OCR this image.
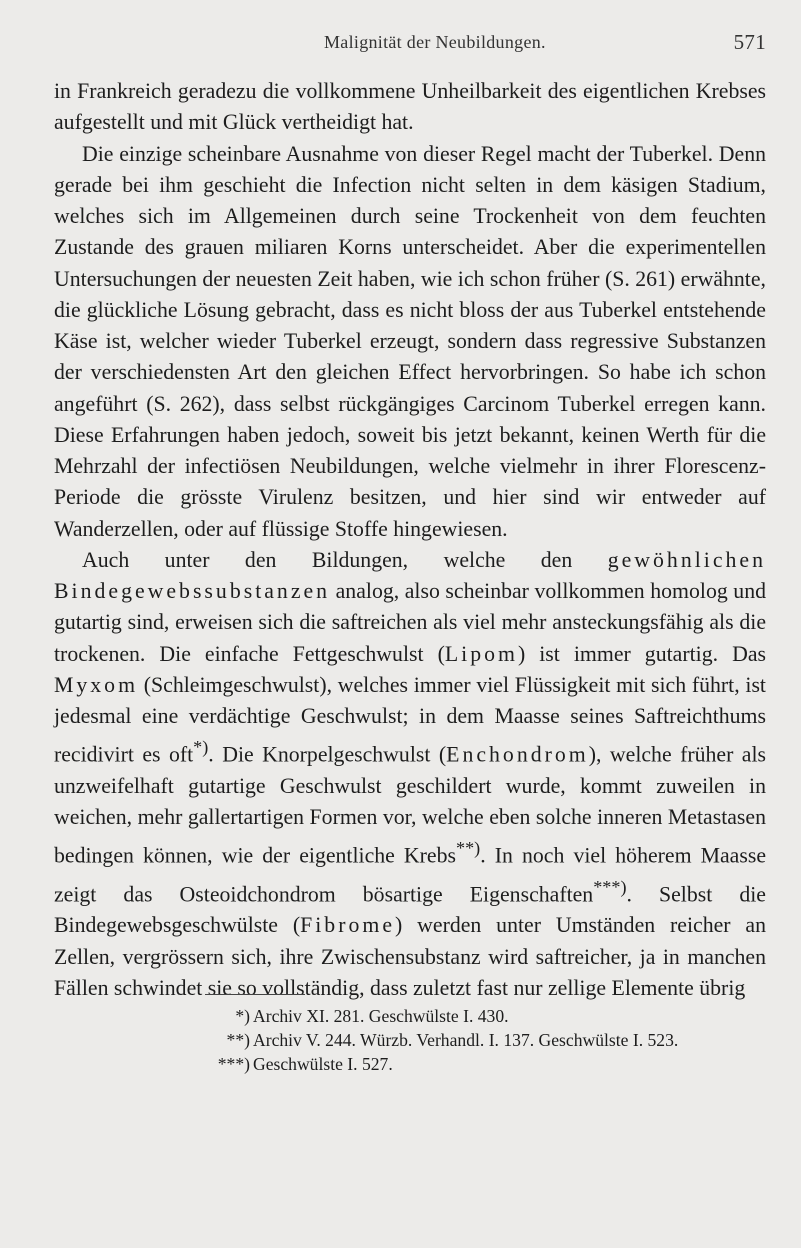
Malignität der Neubildungen.	571

in Frankreich geradezu die vollkommene Unheilbarkeit des eigentlichen Krebses aufgestellt und mit Glück vertheidigt hat.

Die einzige scheinbare Ausnahme von dieser Regel macht der Tuberkel. Denn gerade bei ihm geschieht die Infection nicht selten in dem käsigen Stadium, welches sich im Allgemeinen durch seine Trockenheit von dem feuchten Zustande des grauen miliaren Korns unterscheidet. Aber die experimentellen Untersuchungen der neuesten Zeit haben, wie ich schon früher (S. 261) erwähnte, die glückliche Lösung gebracht, dass es nicht bloss der aus Tuberkel entstehende Käse ist, welcher wieder Tuberkel erzeugt, sondern dass regressive Substanzen der verschiedensten Art den gleichen Effect hervorbringen. So habe ich schon angeführt (S. 262), dass selbst rückgängiges Carcinom Tuberkel erregen kann. Diese Erfahrungen haben jedoch, soweit bis jetzt bekannt, keinen Werth für die Mehrzahl der infectiösen Neubildungen, welche vielmehr in ihrer Florescenz-Periode die grösste Virulenz besitzen, und hier sind wir entweder auf Wanderzellen, oder auf flüssige Stoffe hingewiesen.

Auch unter den Bildungen, welche den gewöhnlichen Bindegewebssubstanzen analog, also scheinbar vollkommen homolog und gutartig sind, erweisen sich die saftreichen als viel mehr ansteckungsfähig als die trockenen. Die einfache Fettgeschwulst (Lipom) ist immer gutartig. Das Myxom (Schleimgeschwulst), welches immer viel Flüssigkeit mit sich führt, ist jedesmal eine verdächtige Geschwulst; in dem Maasse seines Saftreichthums recidivirt es oft*). Die Knorpelgeschwulst (Enchondrom), welche früher als unzweifelhaft gutartige Geschwulst geschildert wurde, kommt zuweilen in weichen, mehr gallertartigen Formen vor, welche eben solche inneren Metastasen bedingen können, wie der eigentliche Krebs**). In noch viel höherem Maasse zeigt das Osteoidchondrom bösartige Eigenschaften***). Selbst die Bindegewebsgeschwülste (Fibrome) werden unter Umständen reicher an Zellen, vergrössern sich, ihre Zwischensubstanz wird saftreicher, ja in manchen Fällen schwindet sie so vollständig, dass zuletzt fast nur zellige Elemente übrig

*) Archiv XI. 281. Geschwülste I. 430.
**) Archiv V. 244. Würzb. Verhandl. I. 137. Geschwülste I. 523.
***) Geschwülste I. 527.
